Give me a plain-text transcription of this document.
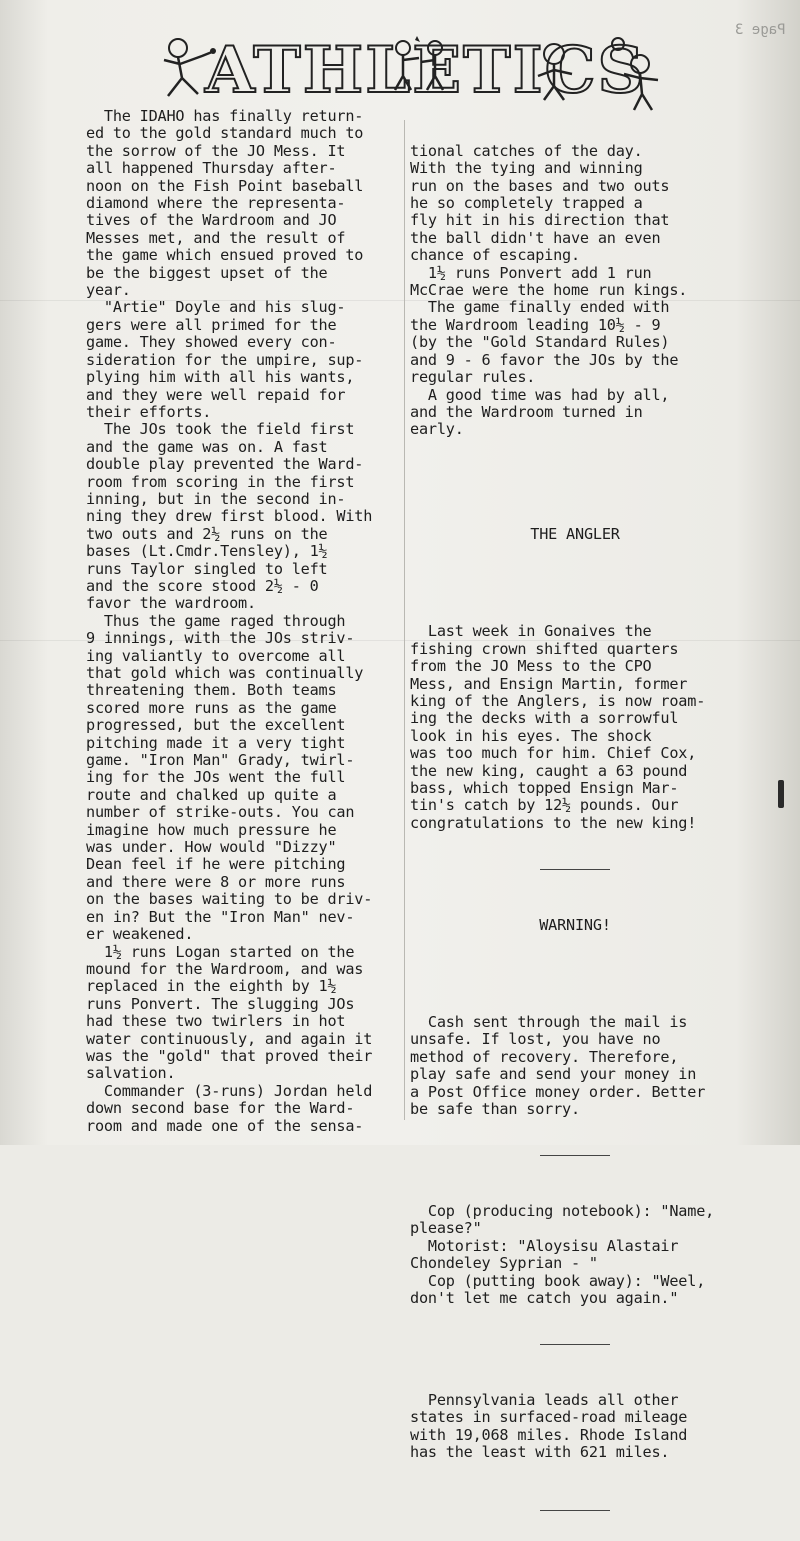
Page 3
ATHLETICS

The IDAHO has finally return-

ed to the gold standard much to

the sorrow of the JO Mess. It

all happened Thursday after-

noon on the Fish Point baseball

diamond where the representa-

tives of the Wardroom and JO

Messes met, and the result of

the game which ensued proved to

be the biggest upset of the

year.

"Artie" Doyle and his slug-

gers were all primed for the

game. They showed every con-

sideration for the umpire, sup-

plying him with all his wants,

and they were well repaid for

their efforts.

The JOs took the field first

and the game was on. A fast

double play prevented the Ward-

room from scoring in the first

inning, but in the second in-

ning they drew first blood. With

two outs and 2½ runs on the

bases (Lt.Cmdr.Tensley), 1½

runs Taylor singled to left

and the score stood 2½ - 0

favor the wardroom.

Thus the game raged through

9 innings, with the JOs striv-

ing valiantly to overcome all

that gold which was continually

threatening them. Both teams

scored more runs as the game

progressed, but the excellent

pitching made it a very tight

game. "Iron Man" Grady, twirl-

ing for the JOs went the full

route and chalked up quite a

number of strike-outs. You can

imagine how much pressure he

was under. How would "Dizzy"

Dean feel if he were pitching

and there were 8 or more runs

on the bases waiting to be driv-

en in? But the "Iron Man" nev-

er weakened.

1½ runs Logan started on the

mound for the Wardroom, and was

replaced in the eighth by 1½

runs Ponvert. The slugging JOs

had these two twirlers in hot

water continuously, and again it

was the "gold" that proved their

salvation.

Commander (3-runs) Jordan held

down second base for the Ward-

room and made one of the sensa-

tional catches of the day.

With the tying and winning

run on the bases and two outs

he so completely trapped a

fly hit in his direction that

the ball didn't have an even

chance of escaping.

1½ runs Ponvert add 1 run

McCrae were the home run kings.

The game finally ended with

the Wardroom leading 10½ - 9

(by the "Gold Standard Rules)

and 9 - 6 favor the JOs by the

regular rules.

A good time was had by all,

and the Wardroom turned in

early.

THE ANGLER

Last week in Gonaives the

fishing crown shifted quarters

from the JO Mess to the CPO

Mess, and Ensign Martin, former

king of the Anglers, is now roam-

ing the decks with a sorrowful

look in his eyes. The shock

was too much for him. Chief Cox,

the new king, caught a 63 pound

bass, which topped Ensign Mar-

tin's catch by 12½ pounds. Our

congratulations to the new king!

WARNING!

Cash sent through the mail is

unsafe. If lost, you have no

method of recovery. Therefore,

play safe and send your money in

a Post Office money order. Better

be safe than sorry.

Cop (producing notebook): "Name,

please?"

Motorist: "Aloysisu Alastair

Chondeley Syprian - "

Cop (putting book away): "Weel,

don't let me catch you again."

Pennsylvania leads all other

states in surfaced-road mileage

with 19,068 miles. Rhode Island

has the least with 621 miles.
